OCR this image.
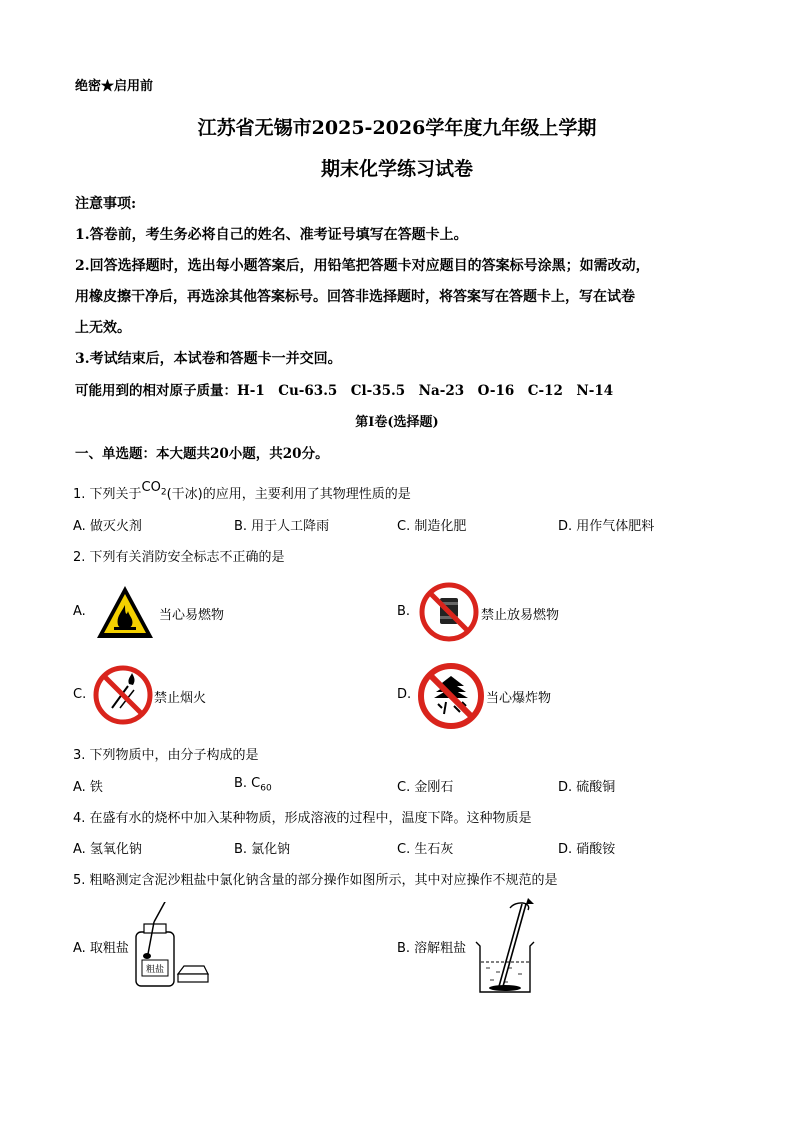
绝密★启用前
江苏省无锡市2025-2026学年度九年级上学期
期末化学练习试卷
注意事项:
1.答卷前，考生务必将自己的姓名、准考证号填写在答题卡上。
2.回答选择题时，选出每小题答案后，用铅笔把答题卡对应题目的答案标号涂黑；如需改动，
用橡皮擦干净后，再选涂其他答案标号。回答非选择题时，将答案写在答题卡上，写在试卷
上无效。
3.考试结束后，本试卷和答题卡一并交回。
可能用到的相对原子质量：H-1　Cu-63.5　Cl-35.5　Na-23　O-16　C-12　N-14
第Ⅰ卷(选择题)
一、单选题：本大题共20小题，共20分。
1. 下列关于$CO_2$(干冰)的应用，主要利用了其物理性质的是
A. 做灭火剂	B. 用于人工降雨	C. 制造化肥	D. 用作气体肥料
2. 下列有关消防安全标志不正确的是
A.	当心易燃物	B.	禁止放易燃物
C.	禁止烟火	D.	当心爆炸物
3. 下列物质中，由分子构成的是
A. 铁	B. $C_{60}$	C. 金刚石	D. 硫酸铜
4. 在盛有水的烧杯中加入某种物质，形成溶液的过程中，温度下降。这种物质是
A. 氢氧化钠	B. 氯化钠	C. 生石灰	D. 硝酸铵
5. 粗略测定含泥沙粗盐中氯化钠含量的部分操作如图所示，其中对应操作不规范的是
A. 取粗盐
粗盐
B. 溶解粗盐
